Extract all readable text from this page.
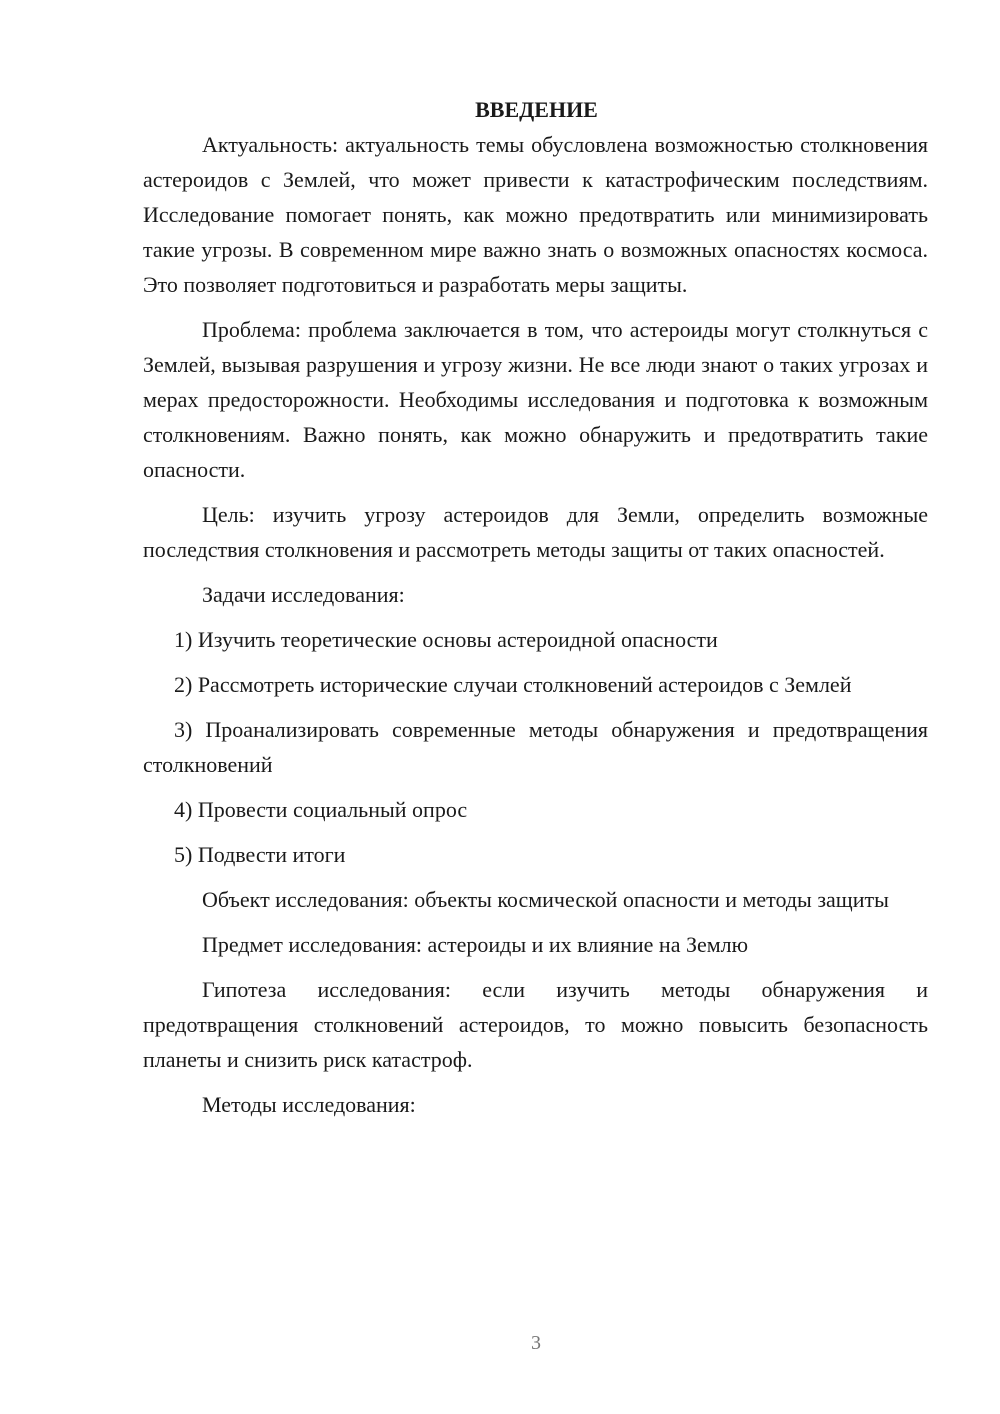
ВВЕДЕНИЕ

Актуальность: актуальность темы обусловлена возможностью столкновения астероидов с Землей, что может привести к катастрофическим последствиям. Исследование помогает понять, как можно предотвратить или минимизировать такие угрозы. В современном мире важно знать о возможных опасностях космоса. Это позволяет подготовиться и разработать меры защиты.

Проблема: проблема заключается в том, что астероиды могут столкнуться с Землей, вызывая разрушения и угрозу жизни. Не все люди знают о таких угрозах и мерах предосторожности. Необходимы исследования и подготовка к возможным столкновениям. Важно понять, как можно обнаружить и предотвратить такие опасности.

Цель: изучить угрозу астероидов для Земли, определить возможные последствия столкновения и рассмотреть методы защиты от таких опасностей.

Задачи исследования:

1) Изучить теоретические основы астероидной опасности

2) Рассмотреть исторические случаи столкновений астероидов с Землей

3) Проанализировать современные методы обнаружения и предотвращения столкновений

4) Провести социальный опрос

5) Подвести итоги

Объект исследования: объекты космической опасности и методы защиты

Предмет исследования: астероиды и их влияние на Землю

Гипотеза исследования: если изучить методы обнаружения и предотвращения столкновений астероидов, то можно повысить безопасность планеты и снизить риск катастроф.

Методы исследования:

3
